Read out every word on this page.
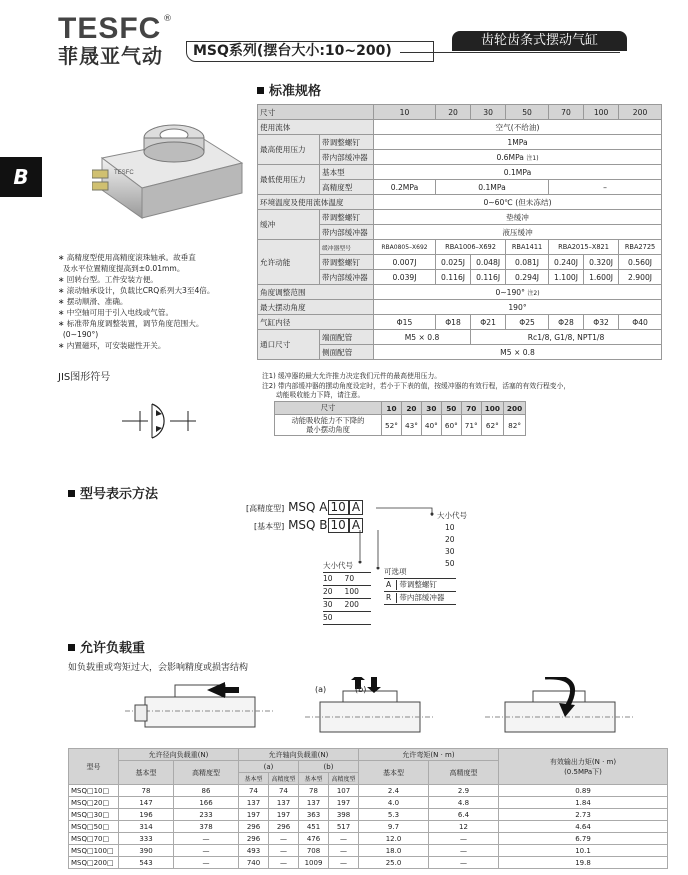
TESFC ®
菲晟亚气动	MSQ系列(摆台大小:10~200)
齿轮齿条式摆动气缸
B	TESFC
∗ 高精度型使用高精度滚珠轴承。故垂直
及水平位置精度提高到±0.01mm。
∗ 回转台型。工件安装方便。
∗ 滚动轴承设计，负载比CRQ系列大3至4倍。
∗ 摆动顺滑、准确。
∗ 中空轴可用于引入电线或气管。
∗ 标准带角度调整装置，调节角度范围大。
(0~190°)
∗ 内置磁环，可安装磁性开关。
JIS图形符号
标准规格
尺寸		10	20	30	50	70	100	200
使用流体		空气(不给油)						
最高使用压力	带调整螺钉	1MPa						
	带内部缓冲器	0.6MPa 注1)						
最低使用压力	基本型	0.1MPa						
	高精度型	0.2MPa	0.1MPa			–		
环境温度及使用流体温度		0~60℃ (但未冻结)						
缓冲	带调整螺钉	垫缓冲						
	带内部缓冲器	液压缓冲						
允许动能	缓冲器型号	RBA0805–X692	RBA1006–X692		RBA1411	RBA2015–X821		RBA2725
	带调整螺钉	0.007J	0.025J	0.048J	0.081J	0.240J	0.320J	0.560J
	带内部缓冲器	0.039J	0.116J	0.116J	0.294J	1.100J	1.600J	2.900J
角度调整范围		0~190° 注2)						
最大摆动角度		190°						
气缸内径		Φ15	Φ18	Φ21	Φ25	Φ28	Φ32	Φ40
通口尺寸	端面配管	M5 × 0.8		Rc1/8, G1/8, NPT1/8				
	侧面配管	M5 × 0.8						
注1) 缓冲器的最大允许推力决定我们元件的最高使用压力。
注2) 带内部缓冲器的摆动角度设定时，若小于下表的值，按缓冲器的有效行程，活塞的有效行程变小，
动能吸收能力下降，请注意。
尺寸	10	20	30	50	70	100	200

动能吸收能力不下降的
最小摆动角度	52°	43°	40°	60°	71°	62°	82°
型号表示方法
[高精度型] MSQ A 10 A
[基本型] MSQ B 10 A
大小代号
10
20
30
50
大小代号
10 70
20 100
30 200
50
可选项
A 带调整螺钉
R 带内部缓冲器
允许负载重
如负载重或弯矩过大，会影响精度或损害结构
(a)	(b)
型号	允许径向负载重(N)		允许轴向负载重(N)				允许弯矩(N · m)		有效输出力矩(N · m)
(0.5MPa下)

	基本型	高精度型	(a)		(b)		基本型	高精度型	
			基本型	高精度型	基本型	高精度型			
MSQ□10□	78	86	74	74	78	107	2.4	2.9	0.89
MSQ□20□	147	166	137	137	137	197	4.0	4.8	1.84
MSQ□30□	196	233	197	197	363	398	5.3	6.4	2.73
MSQ□50□	314	378	296	296	451	517	9.7	12	4.64
MSQ□70□	333	—	296	—	476	—	12.0	—	6.79
MSQ□100□	390	—	493	—	708	—	18.0	—	10.1
MSQ□200□	543	—	740	—	1009	—	25.0	—	19.8
